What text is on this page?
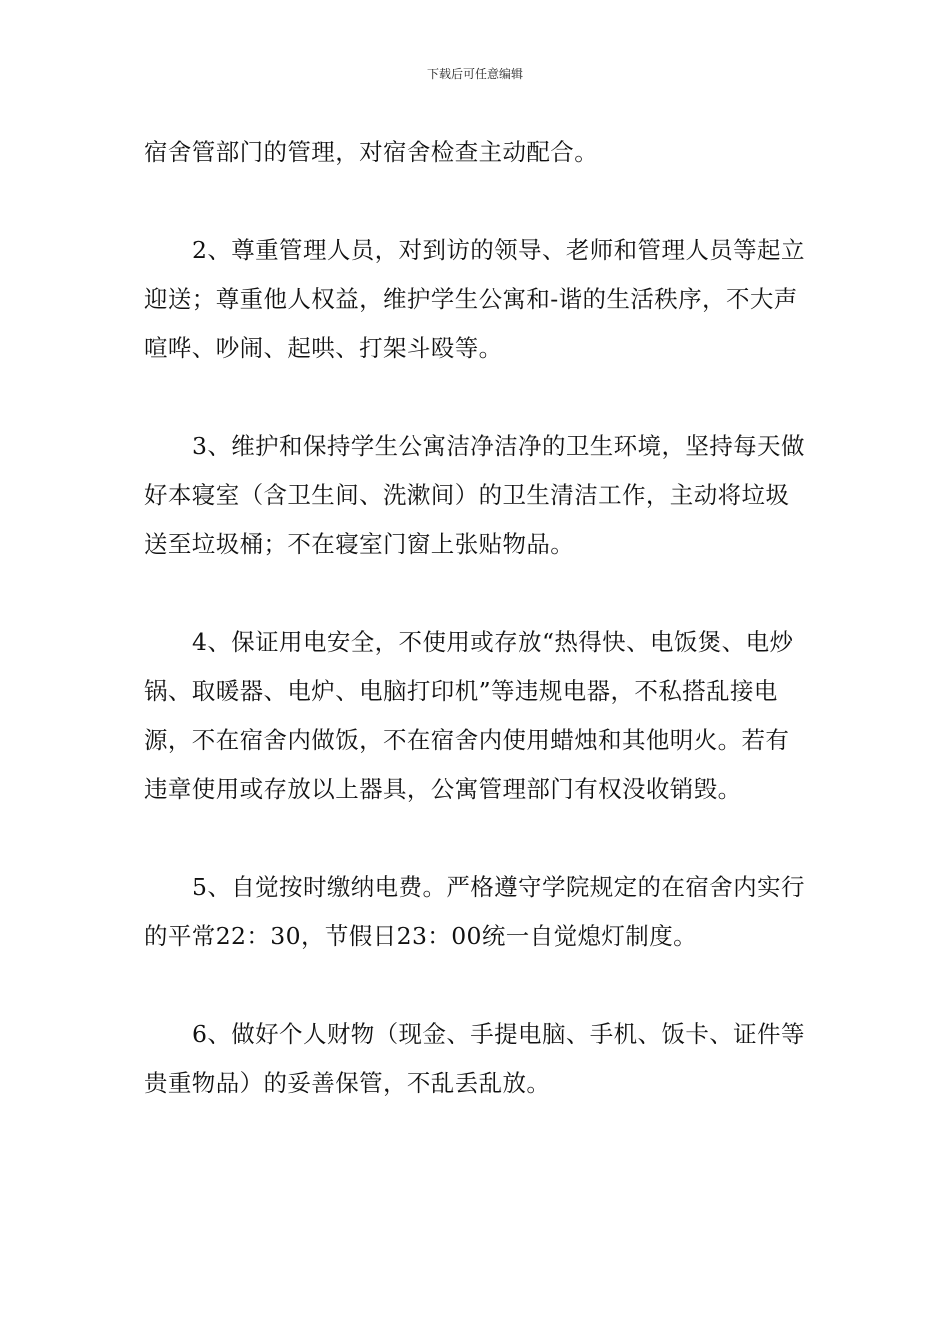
下载后可任意编辑

宿舍管部门的管理，对宿舍检查主动配合。

2、尊重管理人员，对到访的领导、老师和管理人员等起立迎送；尊重他人权益，维护学生公寓和-谐的生活秩序，不大声喧哗、吵闹、起哄、打架斗殴等。

3、维护和保持学生公寓洁净洁净的卫生环境，坚持每天做好本寝室（含卫生间、洗漱间）的卫生清洁工作，主动将垃圾送至垃圾桶；不在寝室门窗上张贴物品。

4、保证用电安全，不使用或存放“热得快、电饭煲、电炒锅、取暖器、电炉、电脑打印机”等违规电器，不私搭乱接电源，不在宿舍内做饭，不在宿舍内使用蜡烛和其他明火。若有违章使用或存放以上器具，公寓管理部门有权没收销毁。

5、自觉按时缴纳电费。严格遵守学院规定的在宿舍内实行的平常22：30，节假日23：00统一自觉熄灯制度。

6、做好个人财物（现金、手提电脑、手机、饭卡、证件等贵重物品）的妥善保管，不乱丢乱放。
